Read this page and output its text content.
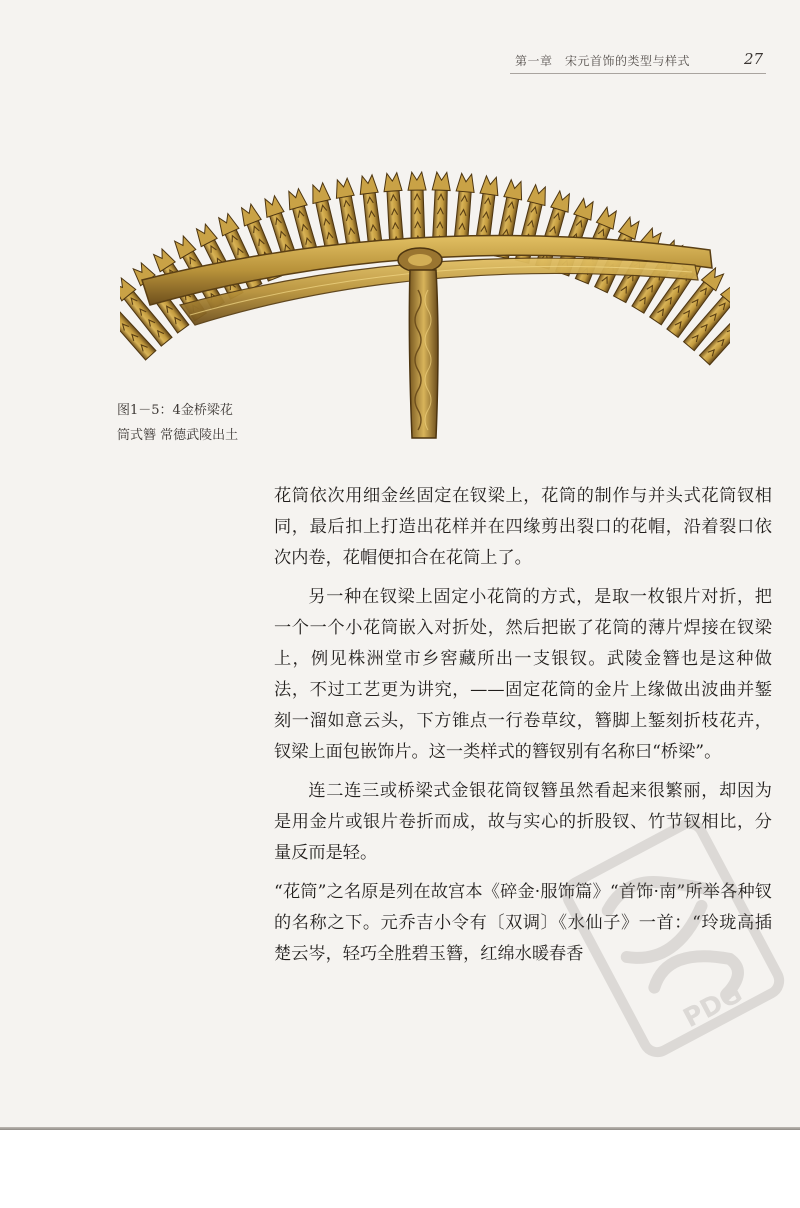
第一章　宋元首饰的类型与样式	27
图1－5：4金桥梁花
筒式簪 常德武陵出土

花筒依次用细金丝固定在钗梁上，花筒的制作与并头式花筒钗相同，最后扣上打造出花样并在四缘剪出裂口的花帽，沿着裂口依次内卷，花帽便扣合在花筒上了。

另一种在钗梁上固定小花筒的方式，是取一枚银片对折，把一个一个小花筒嵌入对折处，然后把嵌了花筒的薄片焊接在钗梁上，例见株洲堂市乡窖藏所出一支银钗。武陵金簪也是这种做法，不过工艺更为讲究，——固定花筒的金片上缘做出波曲并錾刻一溜如意云头，下方锥点一行卷草纹，簪脚上錾刻折枝花卉，钗梁上面包嵌饰片。这一类样式的簪钗别有名称曰“桥梁”。

连二连三或桥梁式金银花筒钗簪虽然看起来很繁丽，却因为是用金片或银片卷折而成，故与实心的折股钗、竹节钗相比，分量反而是轻。

“花筒”之名原是列在故宫本《碎金·服饰篇》“首饰·南”所举各种钗的名称之下。元乔吉小令有〔双调〕《水仙子》一首：“玲珑高插楚云岑，轻巧全胜碧玉簪，红绵水暖春香

PDG
